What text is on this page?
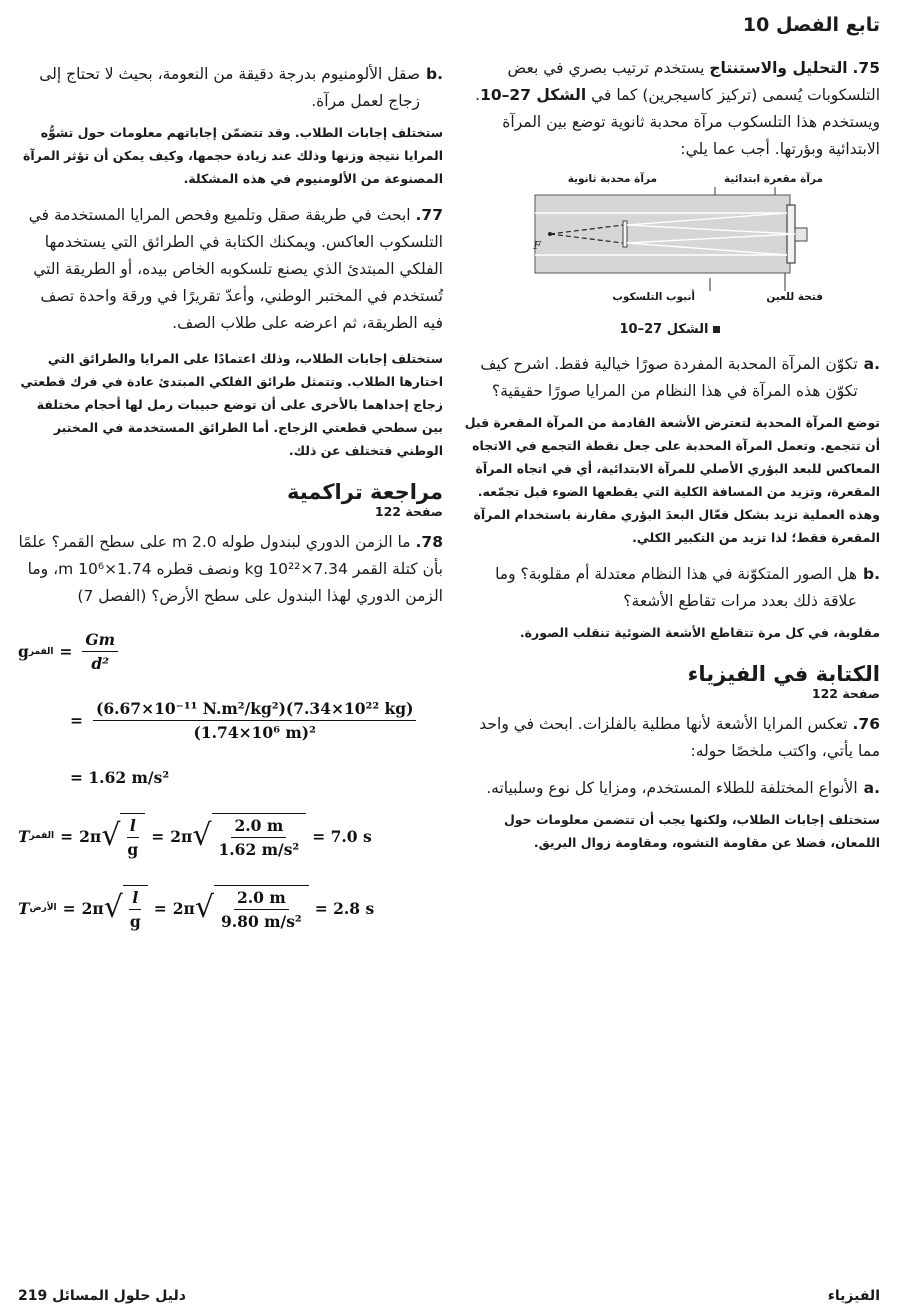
تابع الفصل 10

75. التحليل والاستنتاج يستخدم ترتيب بصري في بعض التلسكوبات يُسمى (تركيز كاسيجرين) كما في الشكل 27–10. ويستخدم هذا التلسكوب مرآة محدبة ثانوية توضع بين المرآة الابتدائية وبؤرتها. أجب عما يلي:

مرآة مقعرة ابتدائية
مرآة محدبة ثانوية
F
أنبوب التلسكوب	فتحة للعين
الشكل 27–10
a.
تكوّن المرآة المحدبة المفردة صورًا خيالية فقط. اشرح كيف تكوّن هذه المرآة في هذا النظام من المرايا صورًا حقيقية؟

توضع المرآة المحدبة لتعترض الأشعة القادمة من المرآة المقعرة قبل أن تتجمع. وتعمل المرآة المحدبة على جعل نقطة التجمع في الاتجاه المعاكس للبعد البؤري الأصلي للمرآة الابتدائية، أي في اتجاه المرآة المقعرة، وتزيد من المسافة الكلية التي يقطعها الضوء قبل تجمّعه. وهذه العملية تزيد بشكل فعّال البعدَ البؤري مقارنة باستخدام المرآة المقعرة فقط؛ لذا تزيد من التكبير الكلي.

b.
هل الصور المتكوّنة في هذا النظام معتدلة أم مقلوبة؟ وما علاقة ذلك بعدد مرات تقاطع الأشعة؟

مقلوبة، في كل مرة تتقاطع الأشعة الضوئية تنقلب الصورة.

الكتابة في الفيزياء
صفحة 122

76. تعكس المرايا الأشعة لأنها مطلية بالفلزات. ابحث في واحد مما يأتي، واكتب ملخصًا حوله:

a.
الأنواع المختلفة للطلاء المستخدم، ومزايا كل نوع وسلبياته.

ستختلف إجابات الطلاب، ولكنها يجب أن تتضمن معلومات حول اللمعان، فضلا عن مقاومة التشوه، ومقاومة زوال البريق.

b.
صقل الألومنيوم بدرجة دقيقة من النعومة، بحيث لا تحتاج إلى زجاج لعمل مرآة.

ستختلف إجابات الطلاب. وقد تتضمّن إجاباتهم معلومات حول تشوُّه المرايا نتيجة وزنها وذلك عند زيادة حجمها، وكيف يمكن أن تؤثر المرآة المصنوعة من الألومنيوم في هذه المشكلة.

77. ابحث في طريقة صقل وتلميع وفحص المرايا المستخدمة في التلسكوب العاكس. ويمكنك الكتابة في الطرائق التي يستخدمها الفلكي المبتدئ الذي يصنع تلسكوبه الخاص بيده، أو الطريقة التي تُستخدم في المختبر الوطني، وأعدّ تقريرًا في ورقة واحدة تصف فيه الطريقة، ثم اعرضه على طلاب الصف.

ستختلف إجابات الطلاب، وذلك اعتمادًا على المرايا والطرائق التي اختارها الطلاب. وتتمثل طرائق الفلكي المبتدئ عادة في فرك قطعتي زجاج إحداهما بالأخرى على أن توضع حبيبات رمل لها أحجام مختلفة بين سطحي قطعتي الزجاج. أما الطرائق المستخدمة في المختبر الوطني فتختلف عن ذلك.

مراجعة تراكمية
صفحة 122

78. ما الزمن الدوري لبندول طوله 2.0 m على سطح القمر؟ علمًا بأن كتلة القمر 7.34×10²² kg ونصف قطره 1.74×10⁶ m، وما الزمن الدوري لهذا البندول على سطح الأرض؟ (الفصل 7)

g القمر = $\frac{Gm}{\text{d²}}$
= $\frac{\text{(6.67×10⁻¹¹ N.m²/kg²)(7.34×10²² kg)}}{\text{(1.74×10⁶ m)²}}$
= 1.62 m/s²
T القمر = 2π √ $\frac{l}{g} = 2\pi$ √ $\frac{2.0 m}{\text{1.62 m/s²}} = 7.0$ s
T الأرض = 2π √ $\frac{l}{g} = 2\pi$ √ $\frac{2.0 m}{\text{9.80 m/s²}} = 2.8$ s
الفيزياء
دليل حلول المسائل 219
